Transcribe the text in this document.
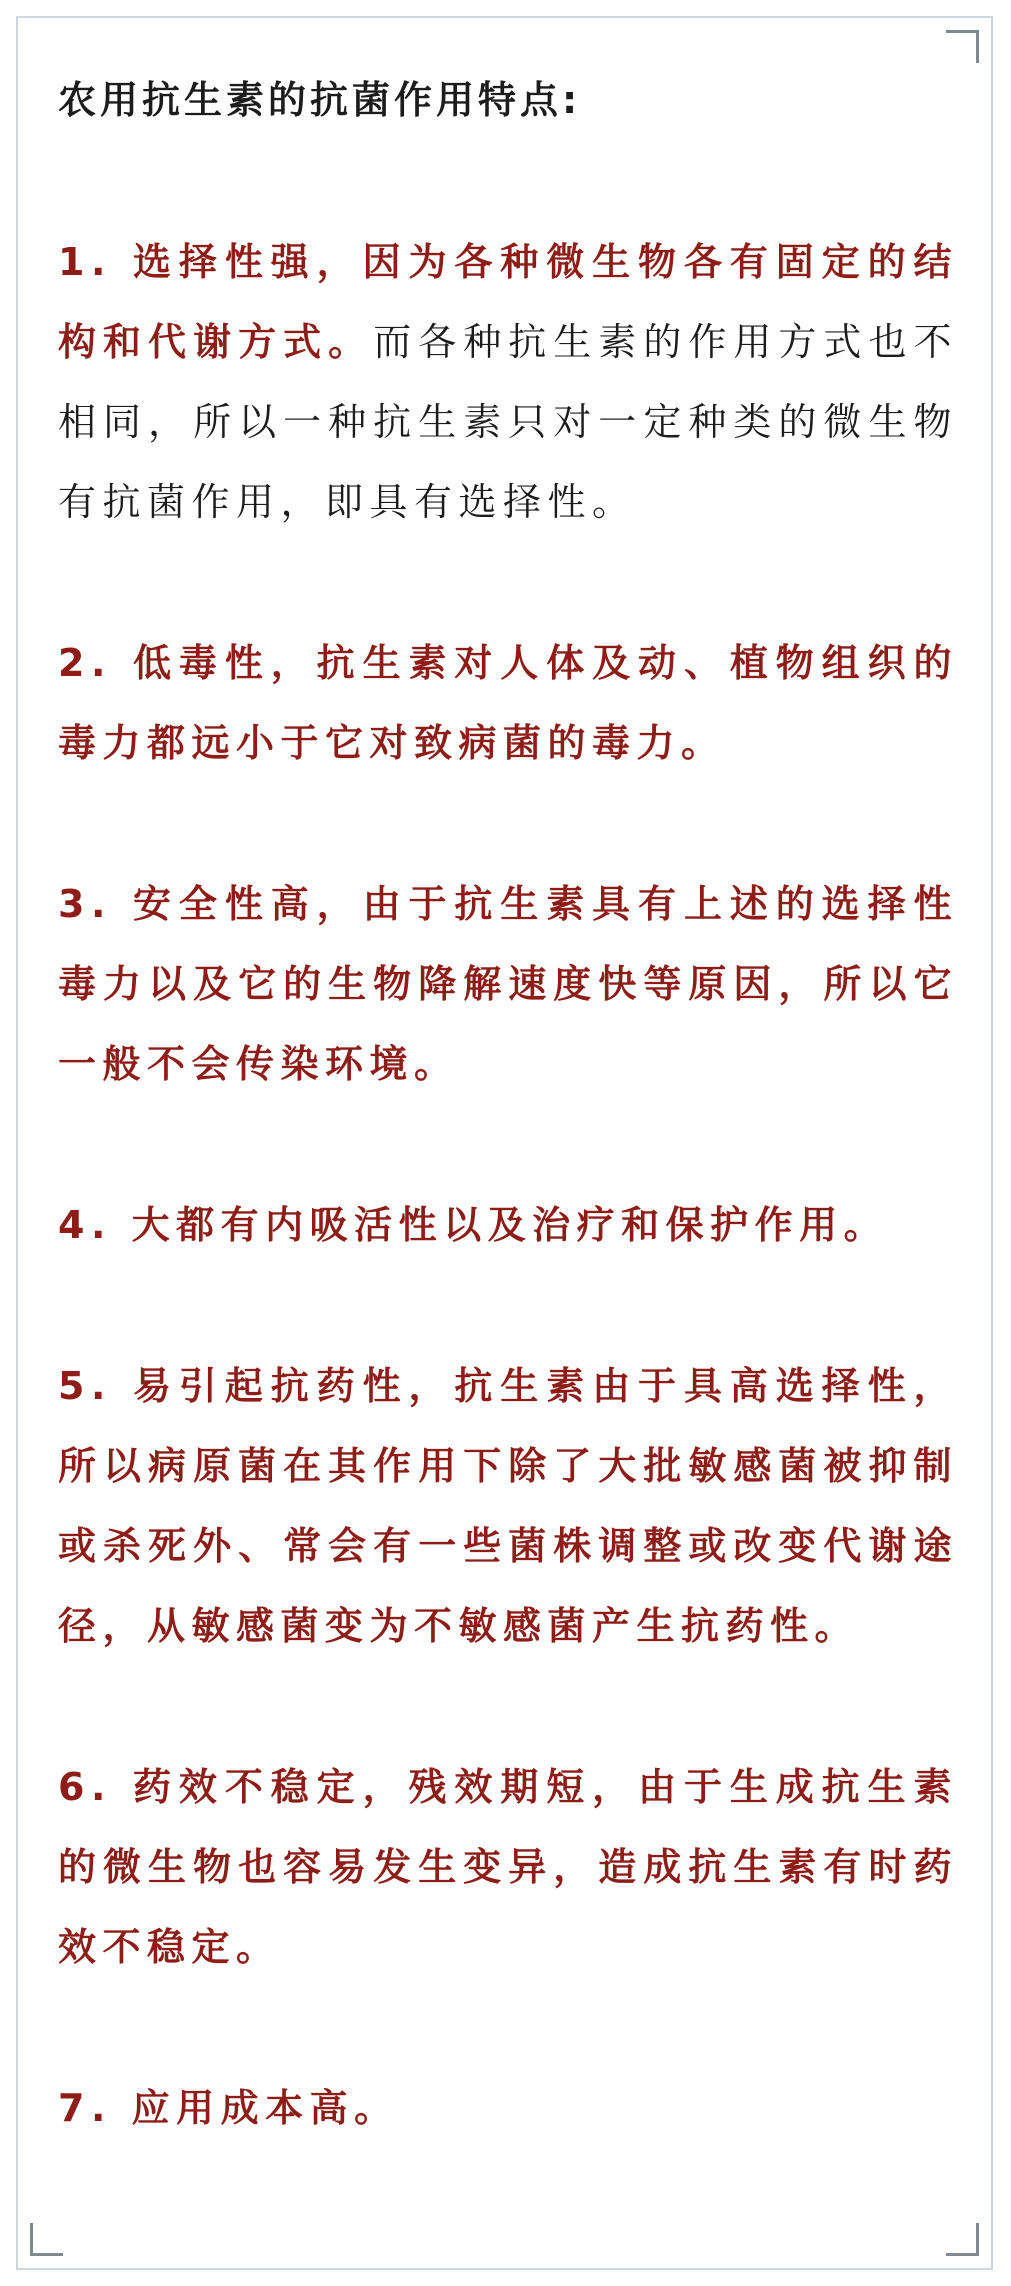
农用抗生素的抗菌作用特点:

1. 选择性强，因为各种微生物各有固定的结构和代谢方式。而各种抗生素的作用方式也不相同，所以一种抗生素只对一定种类的微生物有抗菌作用，即具有选择性。

2. 低毒性，抗生素对人体及动、植物组织的毒力都远小于它对致病菌的毒力。

3. 安全性高，由于抗生素具有上述的选择性毒力以及它的生物降解速度快等原因，所以它一般不会传染环境。

4. 大都有内吸活性以及治疗和保护作用。

5. 易引起抗药性，抗生素由于具高选择性，所以病原菌在其作用下除了大批敏感菌被抑制或杀死外、常会有一些菌株调整或改变代谢途径，从敏感菌变为不敏感菌产生抗药性。

6. 药效不稳定，残效期短，由于生成抗生素的微生物也容易发生变异，造成抗生素有时药效不稳定。

7. 应用成本高。
